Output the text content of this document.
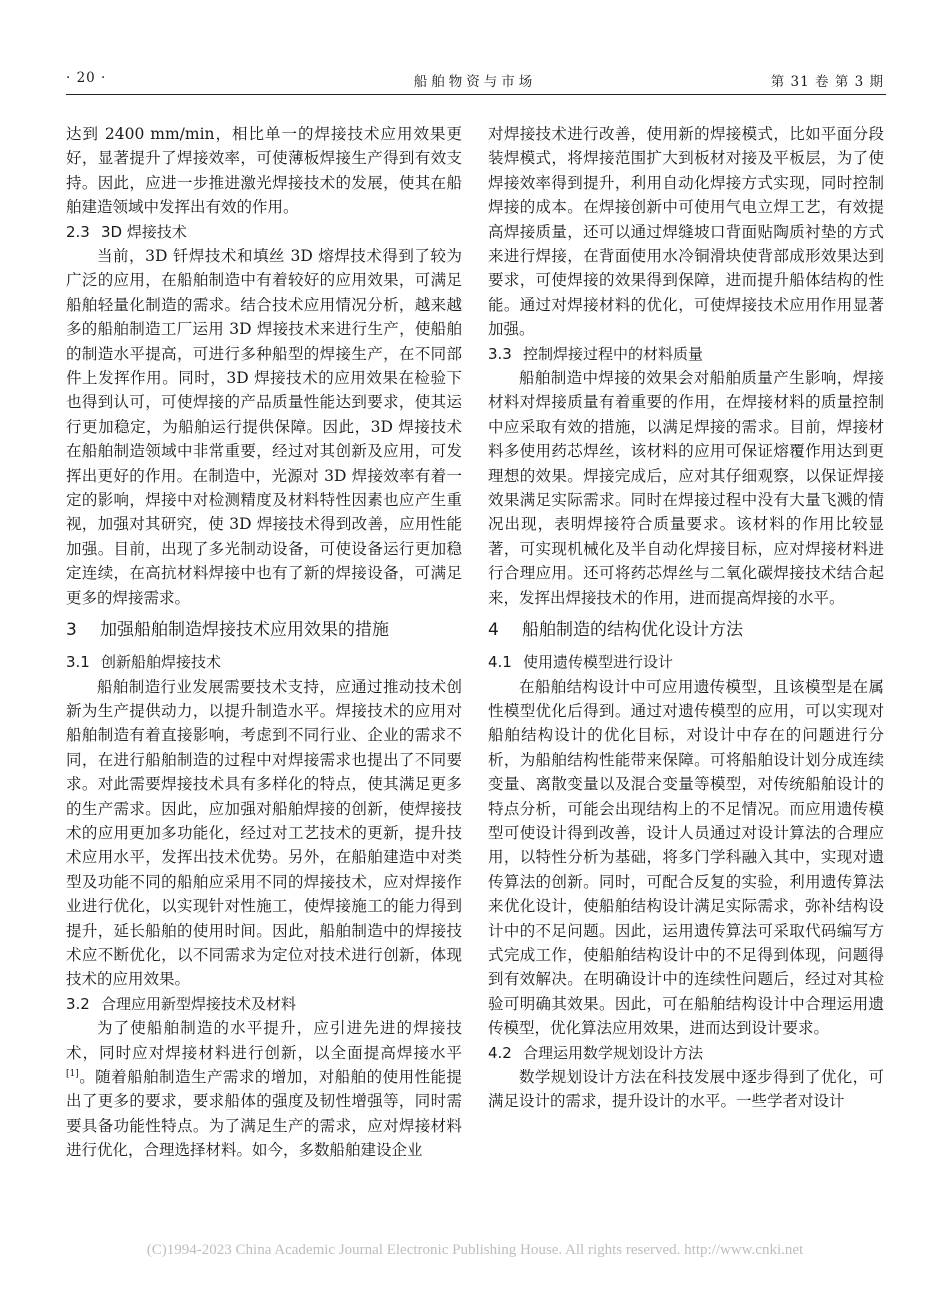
· 20 ·	船舶物资与市场	第 31 卷 第 3 期

达到 2400 mm/min，相比单一的焊接技术应用效果更好，显著提升了焊接效率，可使薄板焊接生产得到有效支持。因此，应进一步推进激光焊接技术的发展，使其在船舶建造领域中发挥出有效的作用。

2.3 3D 焊接技术

当前，3D 钎焊技术和填丝 3D 熔焊技术得到了较为广泛的应用，在船舶制造中有着较好的应用效果，可满足船舶轻量化制造的需求。结合技术应用情况分析，越来越多的船舶制造工厂运用 3D 焊接技术来进行生产，使船舶的制造水平提高，可进行多种船型的焊接生产，在不同部件上发挥作用。同时，3D 焊接技术的应用效果在检验下也得到认可，可使焊接的产品质量性能达到要求，使其运行更加稳定，为船舶运行提供保障。因此，3D 焊接技术在船舶制造领域中非常重要，经过对其创新及应用，可发挥出更好的作用。在制造中，光源对 3D 焊接效率有着一定的影响，焊接中对检测精度及材料特性因素也应产生重视，加强对其研究，使 3D 焊接技术得到改善，应用性能加强。目前，出现了多光制动设备，可使设备运行更加稳定连续，在高抗材料焊接中也有了新的焊接设备，可满足更多的焊接需求。

3 加强船舶制造焊接技术应用效果的措施
3.1 创新船舶焊接技术

船舶制造行业发展需要技术支持，应通过推动技术创新为生产提供动力，以提升制造水平。焊接技术的应用对船舶制造有着直接影响，考虑到不同行业、企业的需求不同，在进行船舶制造的过程中对焊接需求也提出了不同要求。对此需要焊接技术具有多样化的特点，使其满足更多的生产需求。因此，应加强对船舶焊接的创新，使焊接技术的应用更加多功能化，经过对工艺技术的更新，提升技术应用水平，发挥出技术优势。另外，在船舶建造中对类型及功能不同的船舶应采用不同的焊接技术，应对焊接作业进行优化，以实现针对性施工，使焊接施工的能力得到提升，延长船舶的使用时间。因此，船舶制造中的焊接技术应不断优化，以不同需求为定位对技术进行创新，体现技术的应用效果。

3.2 合理应用新型焊接技术及材料

为了使船舶制造的水平提升，应引进先进的焊接技术，同时应对焊接材料进行创新，以全面提高焊接水平[1]。随着船舶制造生产需求的增加，对船舶的使用性能提出了更多的要求，要求船体的强度及韧性增强等，同时需要具备功能性特点。为了满足生产的需求，应对焊接材料进行优化，合理选择材料。如今，多数船舶建设企业

对焊接技术进行改善，使用新的焊接模式，比如平面分段装焊模式，将焊接范围扩大到板材对接及平板层，为了使焊接效率得到提升，利用自动化焊接方式实现，同时控制焊接的成本。在焊接创新中可使用气电立焊工艺，有效提高焊接质量，还可以通过焊缝坡口背面贴陶质衬垫的方式来进行焊接，在背面使用水冷铜滑块使背部成形效果达到要求，可使焊接的效果得到保障，进而提升船体结构的性能。通过对焊接材料的优化，可使焊接技术应用作用显著加强。

3.3 控制焊接过程中的材料质量

船舶制造中焊接的效果会对船舶质量产生影响，焊接材料对焊接质量有着重要的作用，在焊接材料的质量控制中应采取有效的措施，以满足焊接的需求。目前，焊接材料多使用药芯焊丝，该材料的应用可保证熔覆作用达到更理想的效果。焊接完成后，应对其仔细观察，以保证焊接效果满足实际需求。同时在焊接过程中没有大量飞溅的情况出现，表明焊接符合质量要求。该材料的作用比较显著，可实现机械化及半自动化焊接目标，应对焊接材料进行合理应用。还可将药芯焊丝与二氧化碳焊接技术结合起来，发挥出焊接技术的作用，进而提高焊接的水平。

4 船舶制造的结构优化设计方法
4.1 使用遗传模型进行设计

在船舶结构设计中可应用遗传模型，且该模型是在属性模型优化后得到。通过对遗传模型的应用，可以实现对船舶结构设计的优化目标，对设计中存在的问题进行分析，为船舶结构性能带来保障。可将船舶设计划分成连续变量、离散变量以及混合变量等模型，对传统船舶设计的特点分析，可能会出现结构上的不足情况。而应用遗传模型可使设计得到改善，设计人员通过对设计算法的合理应用，以特性分析为基础，将多门学科融入其中，实现对遗传算法的创新。同时，可配合反复的实验，利用遗传算法来优化设计，使船舶结构设计满足实际需求，弥补结构设计中的不足问题。因此，运用遗传算法可采取代码编写方式完成工作，使船舶结构设计中的不足得到体现，问题得到有效解决。在明确设计中的连续性问题后，经过对其检验可明确其效果。因此，可在船舶结构设计中合理运用遗传模型，优化算法应用效果，进而达到设计要求。

4.2 合理运用数学规划设计方法

数学规划设计方法在科技发展中逐步得到了优化，可满足设计的需求，提升设计的水平。一些学者对设计

(C)1994-2023 China Academic Journal Electronic Publishing House. All rights reserved. http://www.cnki.net
